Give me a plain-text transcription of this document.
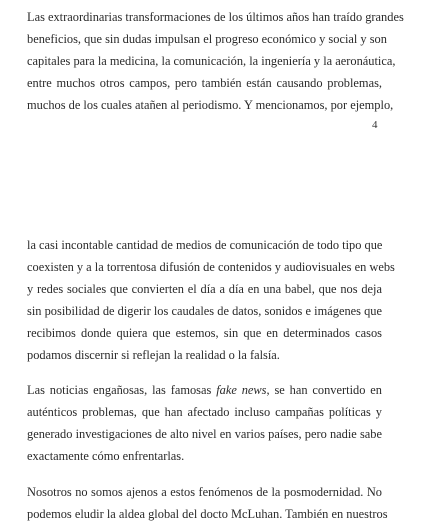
Las extraordinarias transformaciones de los últimos años han traído grandes
beneficios, que sin dudas impulsan el progreso económico y social y son
capitales para la medicina, la comunicación, la ingeniería y la aeronáutica,
entre muchos otros campos, pero también están causando problemas,
muchos de los cuales atañen al periodismo. Y mencionamos, por ejemplo,
4
la casi incontable cantidad de medios de comunicación de todo tipo que
coexisten y a la torrentosa difusión de contenidos y audiovisuales en webs
y redes sociales que convierten el día a día en una babel, que nos deja
sin posibilidad de digerir los caudales de datos, sonidos e imágenes que
recibimos donde quiera que estemos, sin que en determinados casos
podamos discernir si reflejan la realidad o la falsía.
Las noticias engañosas, las famosas fake news, se han convertido en
auténticos problemas, que han afectado incluso campañas políticas y
generado investigaciones de alto nivel en varios países, pero nadie sabe
exactamente cómo enfrentarlas.
Nosotros no somos ajenos a estos fenómenos de la posmodernidad. No
podemos eludir la aldea global del docto McLuhan. También en nuestros
